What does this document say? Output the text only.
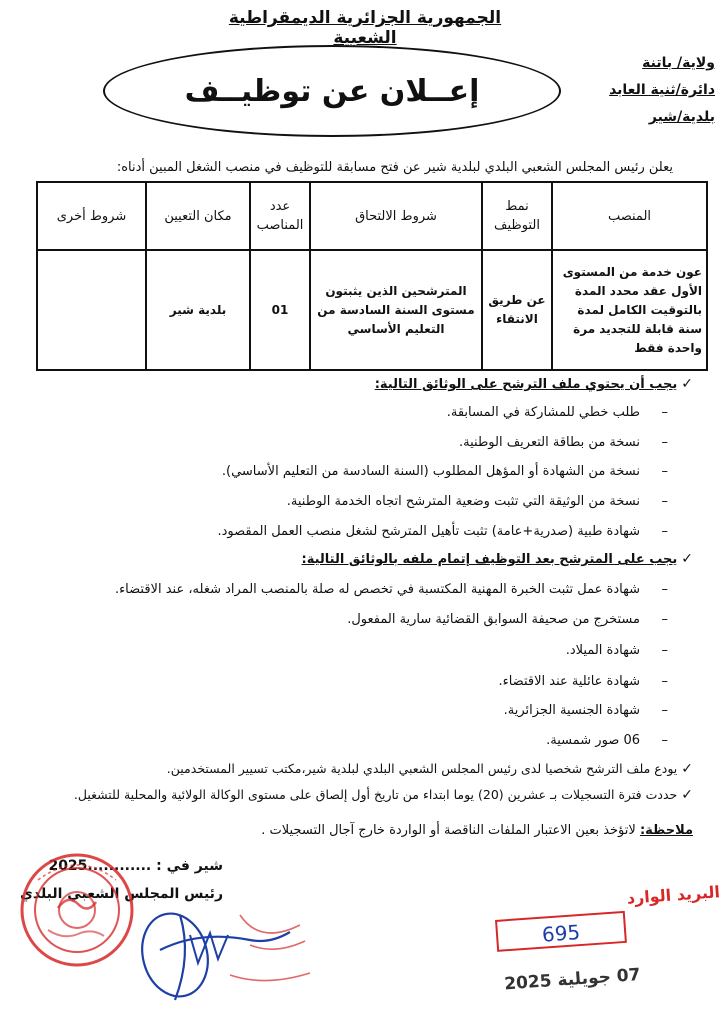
الجمهورية الجزائرية الديمقراطية الشعبية
ولاية/ باتنة
دائرة/ثنية العابد
بلدية/شير
إعــلان عن توظيــف
يعلن رئيس المجلس الشعبي البلدي لبلدية شير عن فتح مسابقة للتوظيف في منصب الشغل المبين أدناه:
المنصب	نمط التوظيف	شروط الالتحاق	عدد المناصب	مكان التعيين	شروط أخرى
عون خدمة من المستوى الأول عقد محدد المدة بالتوقيت الكامل لمدة سنة قابلة للتجديد مرة واحدة فقط	عن طريق الانتقاء	المترشحين الذين يثبتون مستوى السنة السادسة من التعليم الأساسي	01	بلدية شير	
✓يجب أن يحتوي ملف الترشح على الوثائق التالية:
–طلب خطي للمشاركة في المسابقة.
–نسخة من بطاقة التعريف الوطنية.
–نسخة من الشهادة أو المؤهل المطلوب (السنة السادسة من التعليم الأساسي).
–نسخة من الوثيقة التي تثبت وضعية المترشح اتجاه الخدمة الوطنية.
–شهادة طبية (صدرية+عامة) تثبت تأهيل المترشح لشغل منصب العمل المقصود.
✓يجب على المترشح بعد التوظيف إتمام ملفه بالوثائق التالية:
–شهادة عمل تثبت الخبرة المهنية المكتسبة في تخصص له صلة بالمنصب المراد شغله، عند الاقتضاء.
–مستخرج من صحيفة السوابق القضائية سارية المفعول.
–شهادة الميلاد.
–شهادة عائلية عند الاقتضاء.
–شهادة الجنسية الجزائرية.
–06 صور شمسية.
✓يودع ملف الترشح شخصيا لدى رئيس المجلس الشعبي البلدي لبلدية شير،مكتب تسيير المستخدمين.
✓حددت فترة التسجيلات بـ عشرين (20) يوما ابتداء من تاريخ أول إلصاق على مستوى الوكالة الولائية والمحلية للتشغيل.
ملاحظة: لاتؤخذ بعين الاعتبار الملفات الناقصة أو الواردة خارج آجال التسجيلات .
شير في : ............2025
رئيس المجلس الشعبي البلدي	البريد الوارد
695
07 جويلية 2025
